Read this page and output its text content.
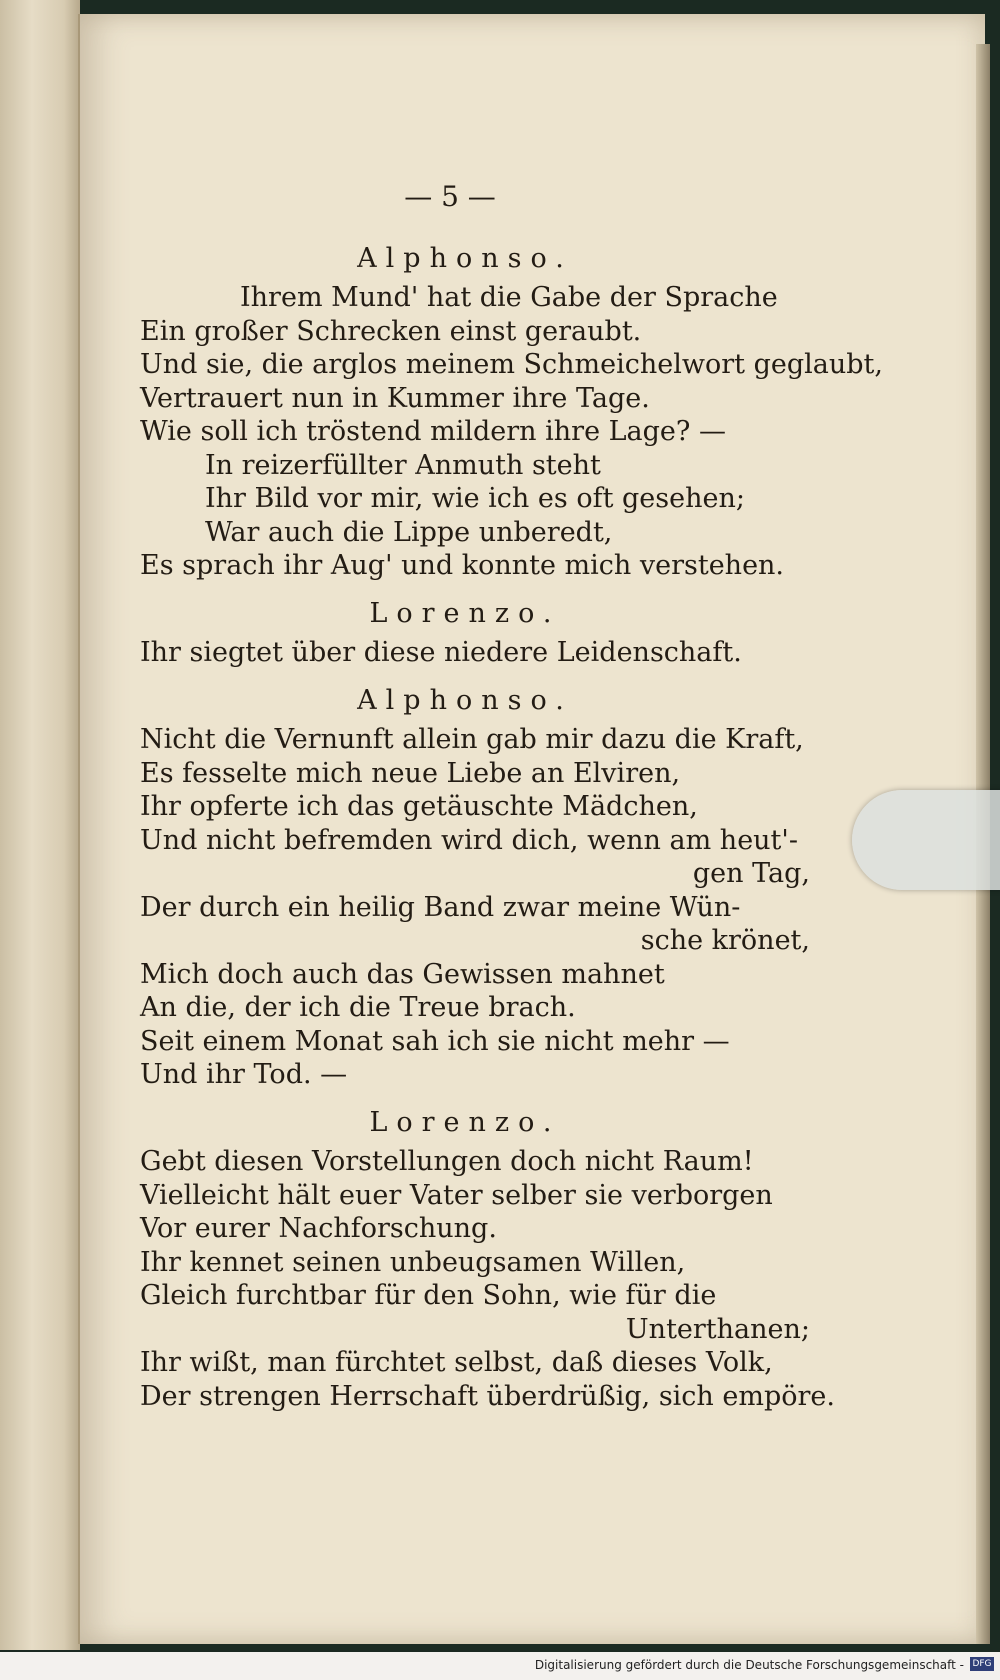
— 5 —
Alphonso.
Ihrem Mund' hat die Gabe der Sprache
Ein großer Schrecken einst geraubt.
Und sie, die arglos meinem Schmeichelwort geglaubt,
Vertrauert nun in Kummer ihre Tage.
Wie soll ich tröstend mildern ihre Lage? —
In reizerfüllter Anmuth steht
Ihr Bild vor mir, wie ich es oft gesehen;
War auch die Lippe unberedt,
Es sprach ihr Aug' und konnte mich verstehen.
Lorenzo.
Ihr siegtet über diese niedere Leidenschaft.
Alphonso.
Nicht die Vernunft allein gab mir dazu die Kraft,
Es fesselte mich neue Liebe an Elviren,
Ihr opferte ich das getäuschte Mädchen,
Und nicht befremden wird dich, wenn am heut'-
gen Tag,
Der durch ein heilig Band zwar meine Wün-
sche krönet,
Mich doch auch das Gewissen mahnet
An die, der ich die Treue brach.
Seit einem Monat sah ich sie nicht mehr —
Und ihr Tod. —
Lorenzo.
Gebt diesen Vorstellungen doch nicht Raum!
Vielleicht hält euer Vater selber sie verborgen
Vor eurer Nachforschung.
Ihr kennet seinen unbeugsamen Willen,
Gleich furchtbar für den Sohn, wie für die
Unterthanen;
Ihr wißt, man fürchtet selbst, daß dieses Volk,
Der strengen Herrschaft überdrüßig, sich empöre.
Digitalisierung gefördert durch die Deutsche Forschungsgemeinschaft - DFG
